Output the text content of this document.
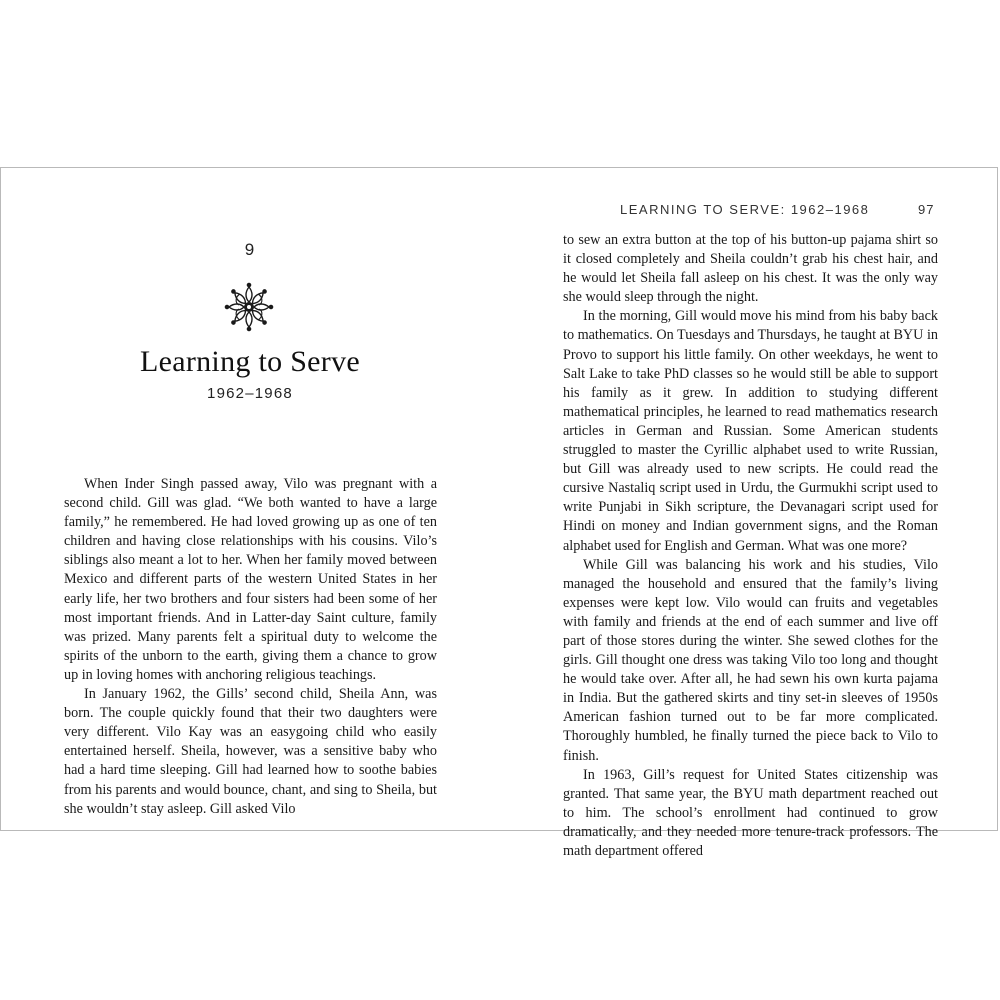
9
Learning to Serve
1962–1968

When Inder Singh passed away, Vilo was pregnant with a second child. Gill was glad. “We both wanted to have a large family,” he remembered. He had loved growing up as one of ten children and having close relationships with his cousins. Vilo’s siblings also meant a lot to her. When her family moved between Mexico and different parts of the western United States in her early life, her two brothers and four sisters had been some of her most important friends. And in Latter-day Saint culture, family was prized. Many parents felt a spiritual duty to welcome the spirits of the unborn to the earth, giving them a chance to grow up in loving homes with anchoring religious teachings.

In January 1962, the Gills’ second child, Sheila Ann, was born. The couple quickly found that their two daughters were very different. Vilo Kay was an easygoing child who easily entertained herself. Sheila, however, was a sensitive baby who had a hard time sleeping. Gill had learned how to soothe babies from his parents and would bounce, chant, and sing to Sheila, but she wouldn’t stay asleep. Gill asked Vilo

LEARNING TO SERVE: 1962–1968	97

to sew an extra button at the top of his button-up pajama shirt so it closed completely and Sheila couldn’t grab his chest hair, and he would let Sheila fall asleep on his chest. It was the only way she would sleep through the night.

In the morning, Gill would move his mind from his baby back to mathematics. On Tuesdays and Thursdays, he taught at BYU in Provo to support his little family. On other weekdays, he went to Salt Lake to take PhD classes so he would still be able to support his family as it grew. In addition to studying different mathematical principles, he learned to read mathematics research articles in German and Russian. Some American students struggled to master the Cyrillic alphabet used to write Russian, but Gill was already used to new scripts. He could read the cursive Nastaliq script used in Urdu, the Gurmukhi script used to write Punjabi in Sikh scripture, the Devanagari script used for Hindi on money and Indian government signs, and the Roman alphabet used for English and German. What was one more?

While Gill was balancing his work and his studies, Vilo managed the household and ensured that the family’s living expenses were kept low. Vilo would can fruits and vegetables with family and friends at the end of each summer and live off part of those stores during the winter. She sewed clothes for the girls. Gill thought one dress was taking Vilo too long and thought he would take over. After all, he had sewn his own kurta pajama in India. But the gathered skirts and tiny set-in sleeves of 1950s American fashion turned out to be far more complicated. Thoroughly humbled, he finally turned the piece back to Vilo to finish.

In 1963, Gill’s request for United States citizenship was granted. That same year, the BYU math department reached out to him. The school’s enrollment had continued to grow dramatically, and they needed more tenure-track professors. The math department offered
